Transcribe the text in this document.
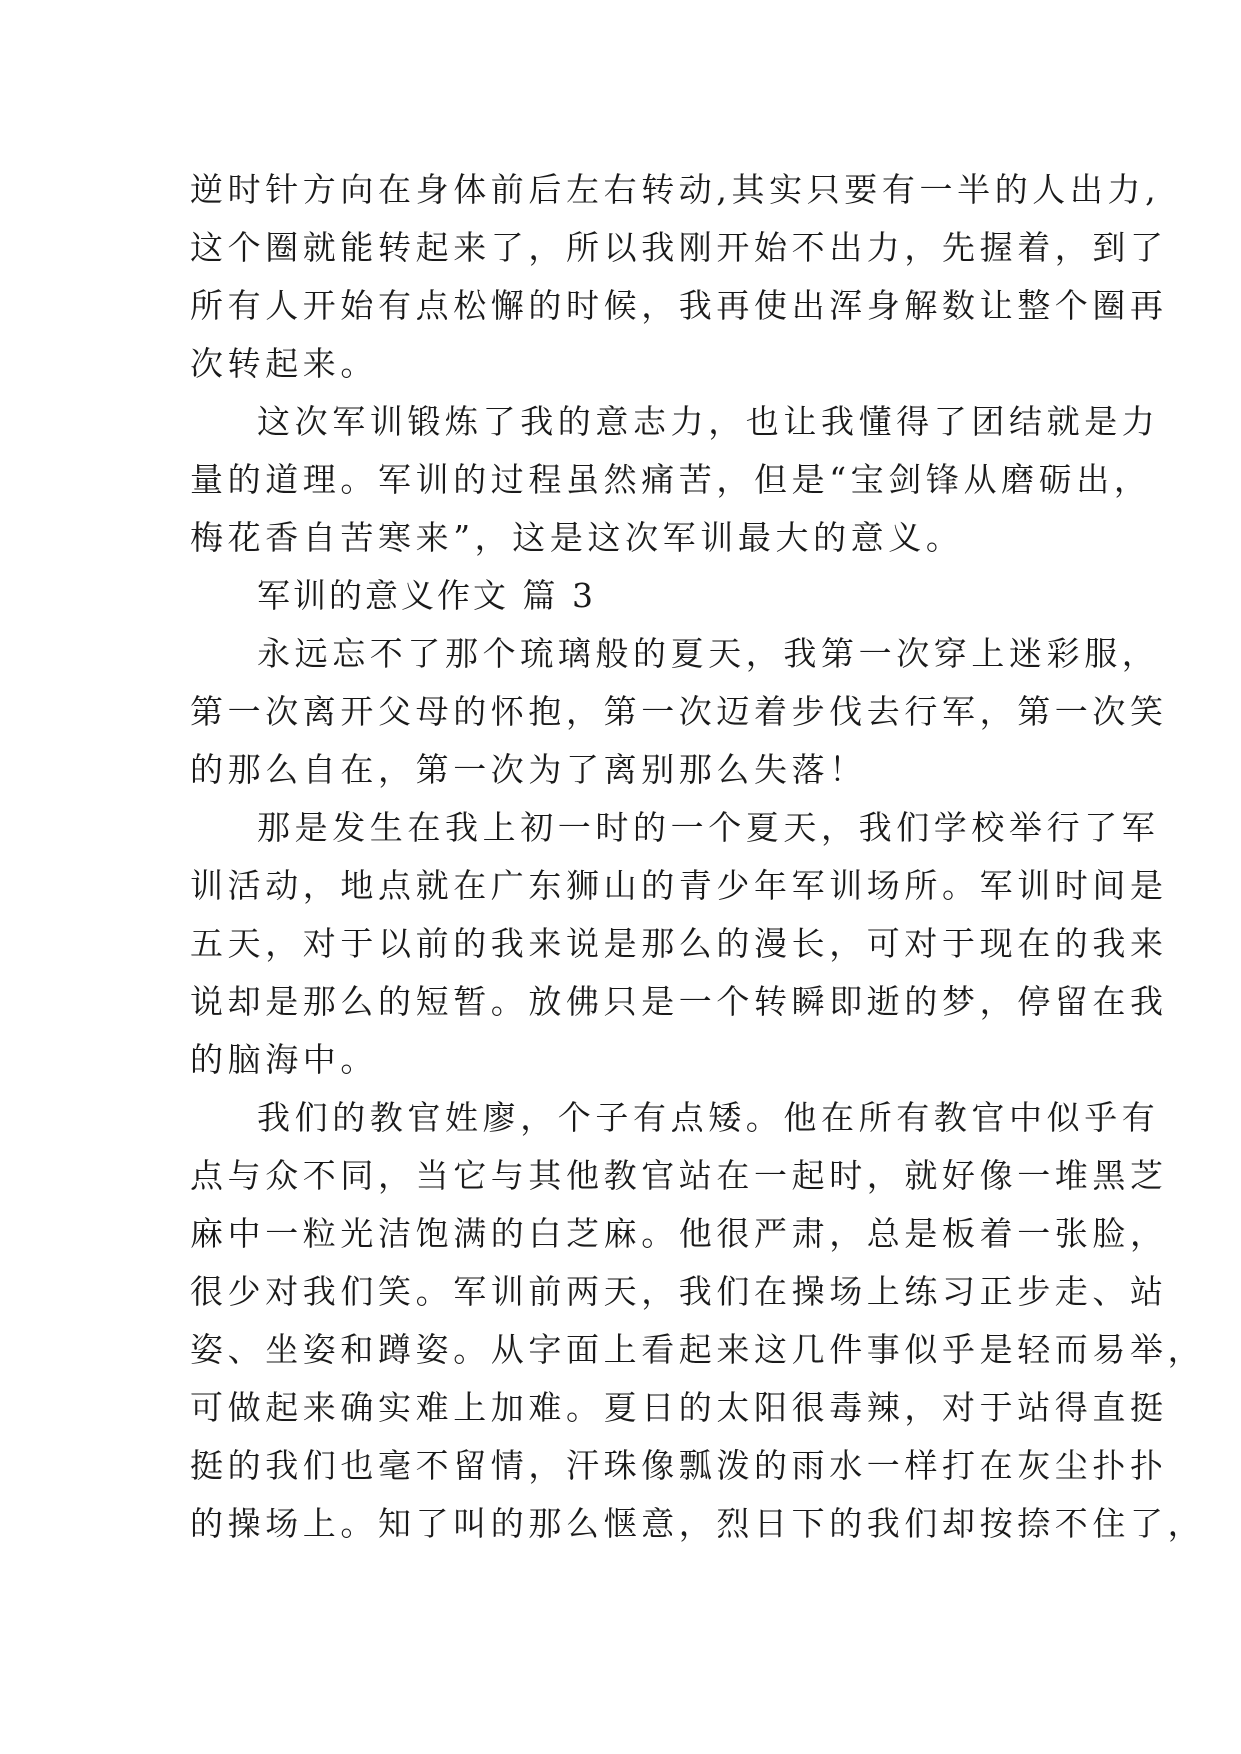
逆时针方向在身体前后左右转动,其实只要有一半的人出力,
这个圈就能转起来了，所以我刚开始不出力，先握着，到了
所有人开始有点松懈的时候，我再使出浑身解数让整个圈再
次转起来。
这次军训锻炼了我的意志力，也让我懂得了团结就是力
量的道理。军训的过程虽然痛苦，但是“宝剑锋从磨砺出，
梅花香自苦寒来”，这是这次军训最大的意义。
军训的意义作文 篇 3
永远忘不了那个琉璃般的夏天，我第一次穿上迷彩服，
第一次离开父母的怀抱，第一次迈着步伐去行军，第一次笑
的那么自在，第一次为了离别那么失落！
那是发生在我上初一时的一个夏天，我们学校举行了军
训活动，地点就在广东狮山的青少年军训场所。军训时间是
五天，对于以前的我来说是那么的漫长，可对于现在的我来
说却是那么的短暂。放佛只是一个转瞬即逝的梦，停留在我
的脑海中。
我们的教官姓廖，个子有点矮。他在所有教官中似乎有
点与众不同，当它与其他教官站在一起时，就好像一堆黑芝
麻中一粒光洁饱满的白芝麻。他很严肃，总是板着一张脸，
很少对我们笑。军训前两天，我们在操场上练习正步走、站
姿、坐姿和蹲姿。从字面上看起来这几件事似乎是轻而易举，
可做起来确实难上加难。夏日的太阳很毒辣，对于站得直挺
挺的我们也毫不留情，汗珠像瓢泼的雨水一样打在灰尘扑扑
的操场上。知了叫的那么惬意，烈日下的我们却按捺不住了，
